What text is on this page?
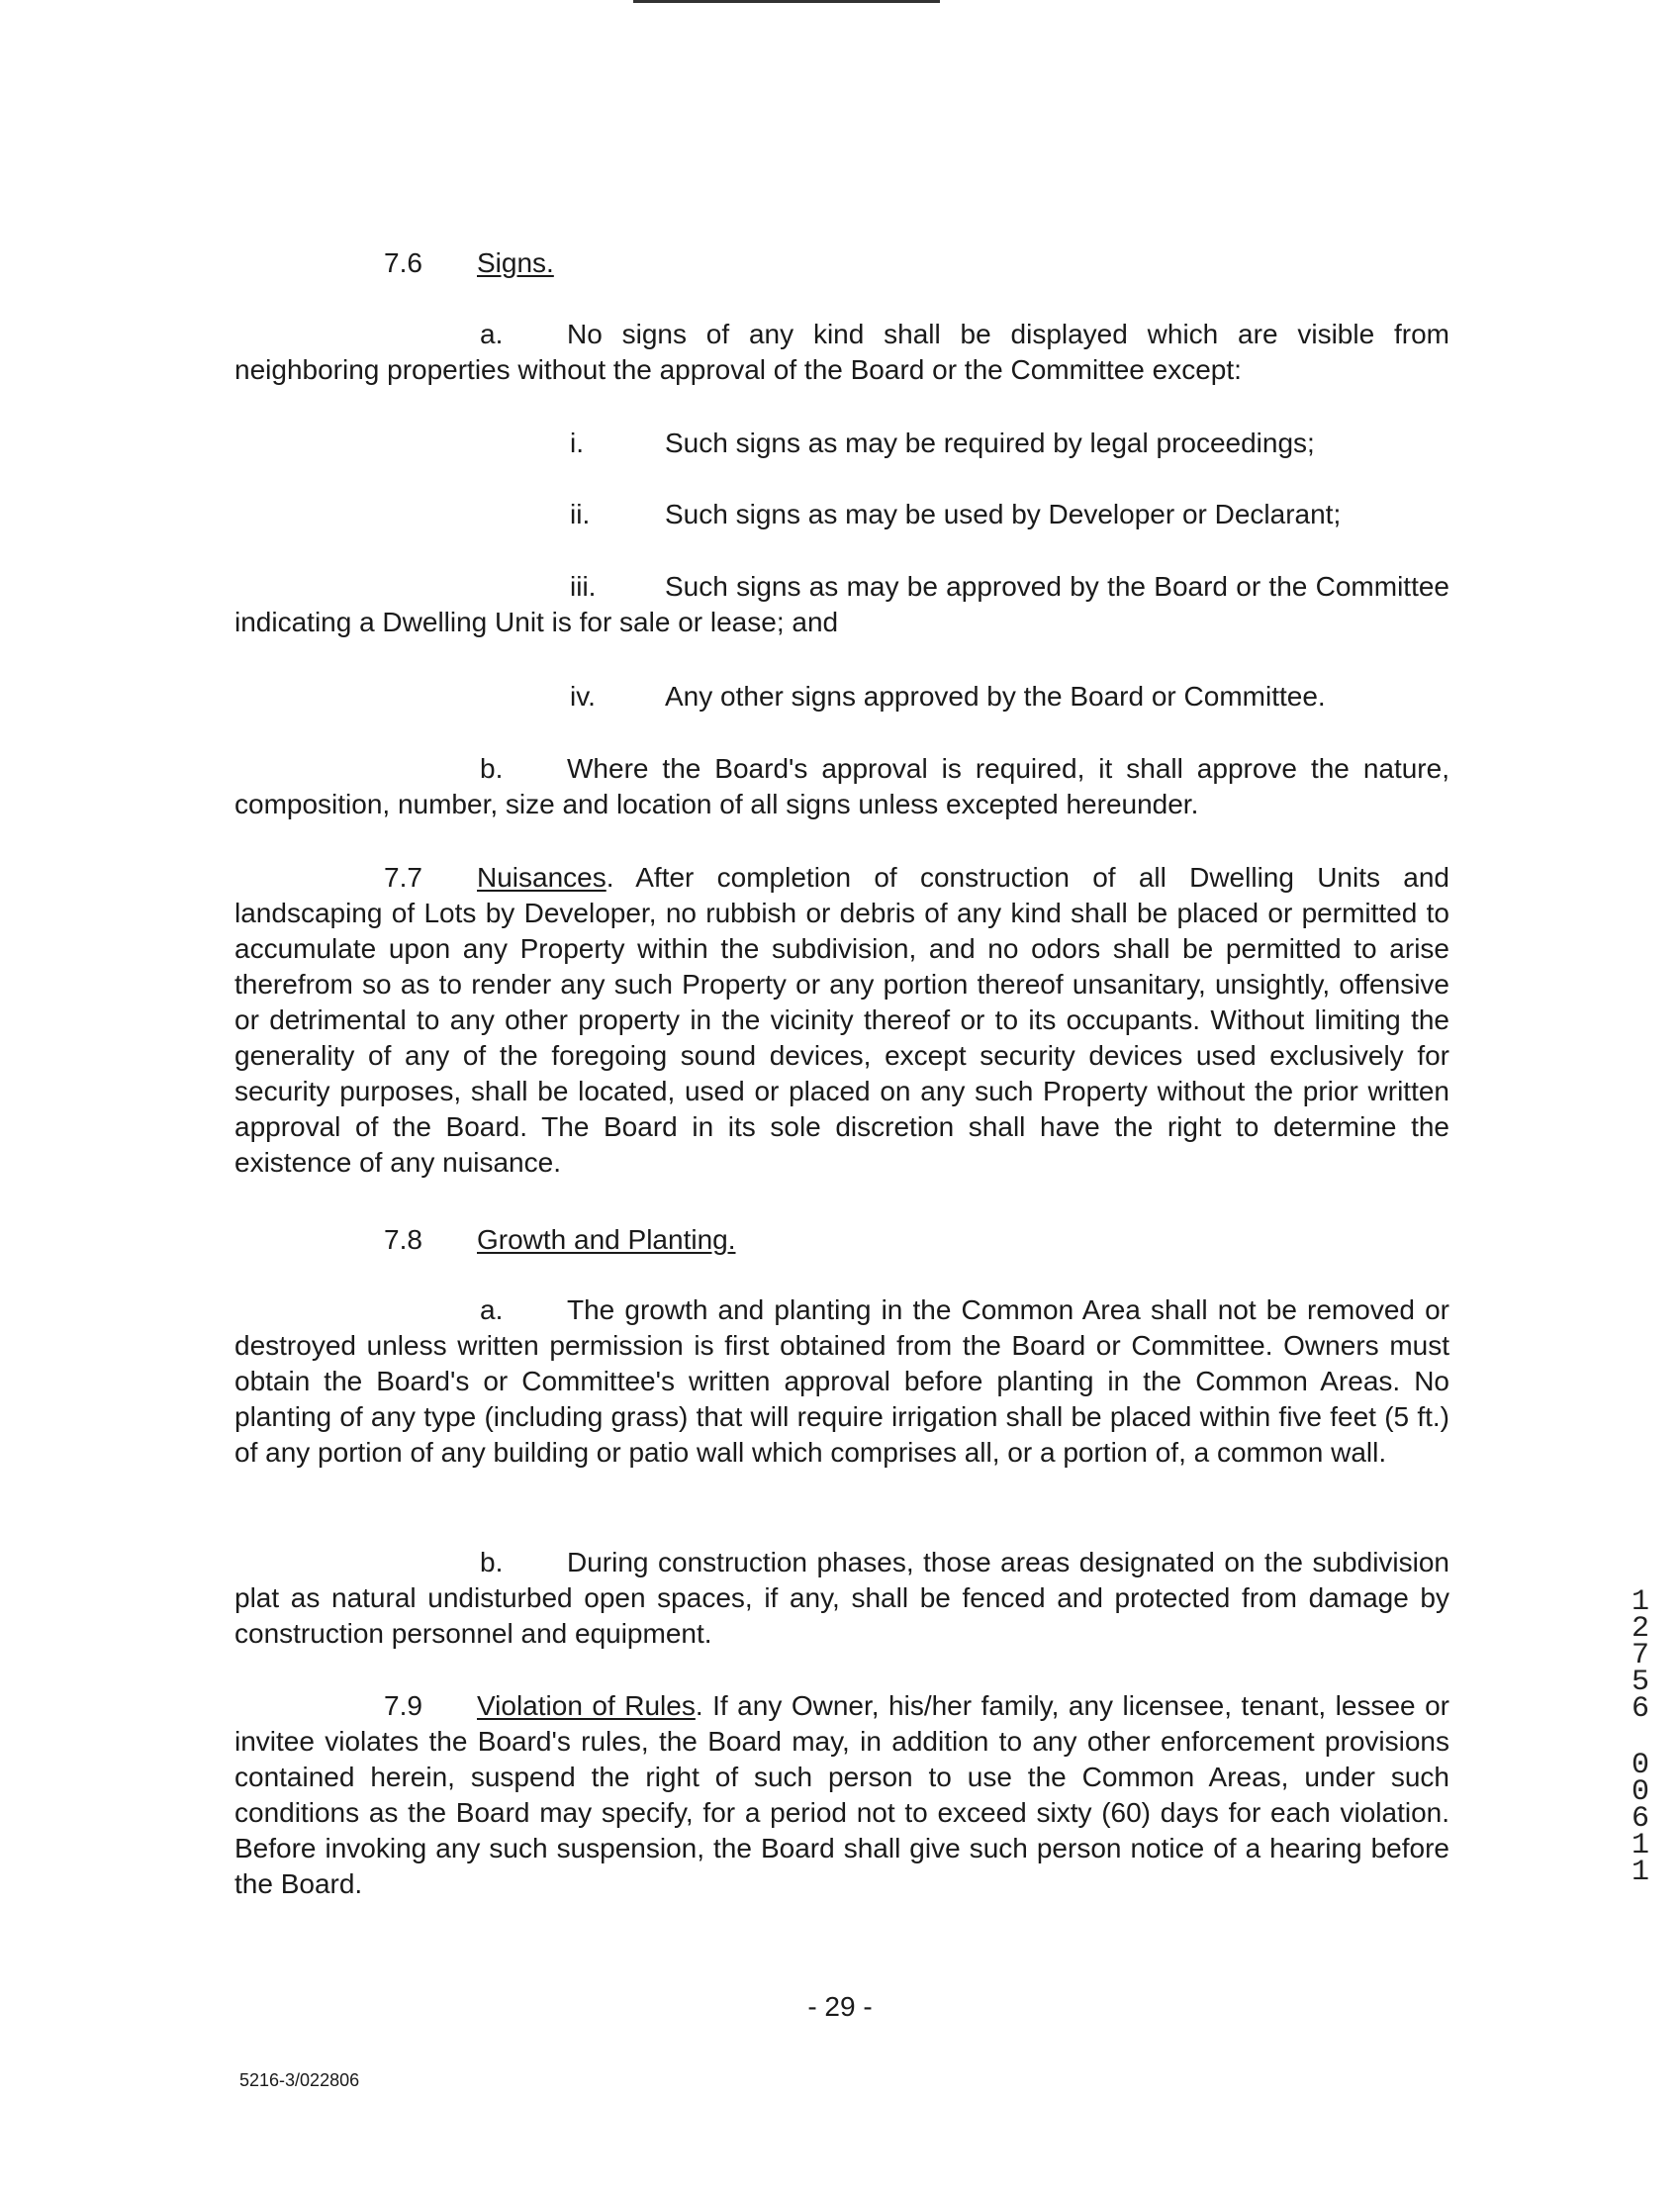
7.6 Signs.

a. No signs of any kind shall be displayed which are visible from neighboring properties without the approval of the Board or the Committee except:

i.	Such signs as may be required by legal proceedings;
ii.	Such signs as may be used by Developer or Declarant;

iii. Such signs as may be approved by the Board or the Committee indicating a Dwelling Unit is for sale or lease; and

iv.	Any other signs approved by the Board or Committee.

b. Where the Board's approval is required, it shall approve the nature, composition, number, size and location of all signs unless excepted hereunder.

7.7 Nuisances. After completion of construction of all Dwelling Units and landscaping of Lots by Developer, no rubbish or debris of any kind shall be placed or permitted to accumulate upon any Property within the subdivision, and no odors shall be permitted to arise therefrom so as to render any such Property or any portion thereof unsanitary, unsightly, offensive or detrimental to any other property in the vicinity thereof or to its occupants. Without limiting the generality of any of the foregoing sound devices, except security devices used exclusively for security purposes, shall be located, used or placed on any such Property without the prior written approval of the Board. The Board in its sole discretion shall have the right to determine the existence of any nuisance.

7.8 Growth and Planting.

a. The growth and planting in the Common Area shall not be removed or destroyed unless written permission is first obtained from the Board or Committee. Owners must obtain the Board's or Committee's written approval before planting in the Common Areas. No planting of any type (including grass) that will require irrigation shall be placed within five feet (5 ft.) of any portion of any building or patio wall which comprises all, or a portion of, a common wall.

b. During construction phases, those areas designated on the subdivision plat as natural undisturbed open spaces, if any, shall be fenced and protected from damage by construction personnel and equipment.

7.9 Violation of Rules. If any Owner, his/her family, any licensee, tenant, lessee or invitee violates the Board's rules, the Board may, in addition to any other enforcement provisions contained herein, suspend the right of such person to use the Common Areas, under such conditions as the Board may specify, for a period not to exceed sixty (60) days for each violation. Before invoking any such suspension, the Board shall give such person notice of a hearing before the Board.

- 29 -
5216-3/022806
1
2
7
5
6
0
0
6
1
1
